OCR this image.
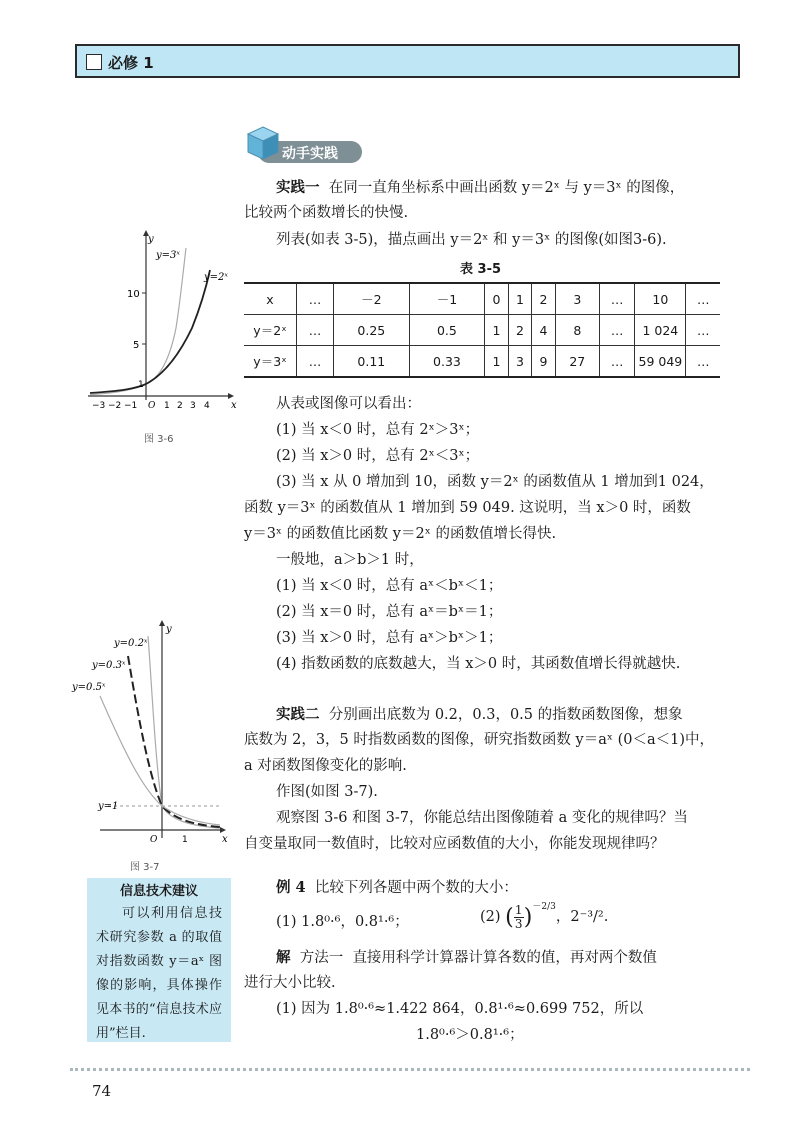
必修 1
动手实践
实践一 在同一直角坐标系中画出函数 y＝2ˣ 与 y＝3ˣ 的图像，
比较两个函数增长的快慢.
列表(如表 3-5)，描点画出 y＝2ˣ 和 y＝3ˣ 的图像(如图3-6).
表 3-5
x	…	－2	－1	0	1	2	3	…	10	…
y＝2ˣ	…	0.25	0.5	1	2	4	8	…	1 024	…
y＝3ˣ	…	0.11	0.33	1	3	9	27	…	59 049	…
从表或图像可以看出：
(1) 当 x＜0 时，总有 2ˣ＞3ˣ；
(2) 当 x＞0 时，总有 2ˣ＜3ˣ；
(3) 当 x 从 0 增加到 10，函数 y＝2ˣ 的函数值从 1 增加到1 024，
函数 y＝3ˣ 的函数值从 1 增加到 59 049. 这说明，当 x＞0 时，函数
y＝3ˣ 的函数值比函数 y＝2ˣ 的函数值增长得快.
一般地，a＞b＞1 时，
(1) 当 x＜0 时，总有 aˣ＜bˣ＜1；
(2) 当 x＝0 时，总有 aˣ＝bˣ＝1；
(3) 当 x＞0 时，总有 aˣ＞bˣ＞1；
(4) 指数函数的底数越大，当 x＞0 时，其函数值增长得就越快.
实践二 分别画出底数为 0.2，0.3，0.5 的指数函数图像，想象
底数为 2，3，5 时指数函数的图像，研究指数函数 y＝aˣ (0＜a＜1)中，
a 对函数图像变化的影响.
作图(如图 3-7).
观察图 3-6 和图 3-7，你能总结出图像随着 a 变化的规律吗？当
自变量取同一数值时，比较对应函数值的大小，你能发现规律吗？
例 4 比较下列各题中两个数的大小：
(1) 1.8⁰·⁶，0.8¹·⁶；	(2)
( 1
3 ) －2/3
，2⁻³/².
解 方法一 直接用科学计算器计算各数的值，再对两个数值
进行大小比较.
(1) 因为 1.8⁰·⁶≈1.422 864，0.8¹·⁶≈0.699 752，所以
1.8⁰·⁶＞0.8¹·⁶；
y=3ˣ
y=2ˣ
y
x
10
5
1
−3 −2 −1 O 1 2 3 4
图 3-6
y=0.2ˣ
y=0.3ˣ
y=0.5ˣ
y=1
y
x
O	1
图 3-7
信息技术建议
可以利用信息技术研究参数 a 的取值对指数函数 y＝aˣ 图像的影响，具体操作见本书的“信息技术应用”栏目.
74
